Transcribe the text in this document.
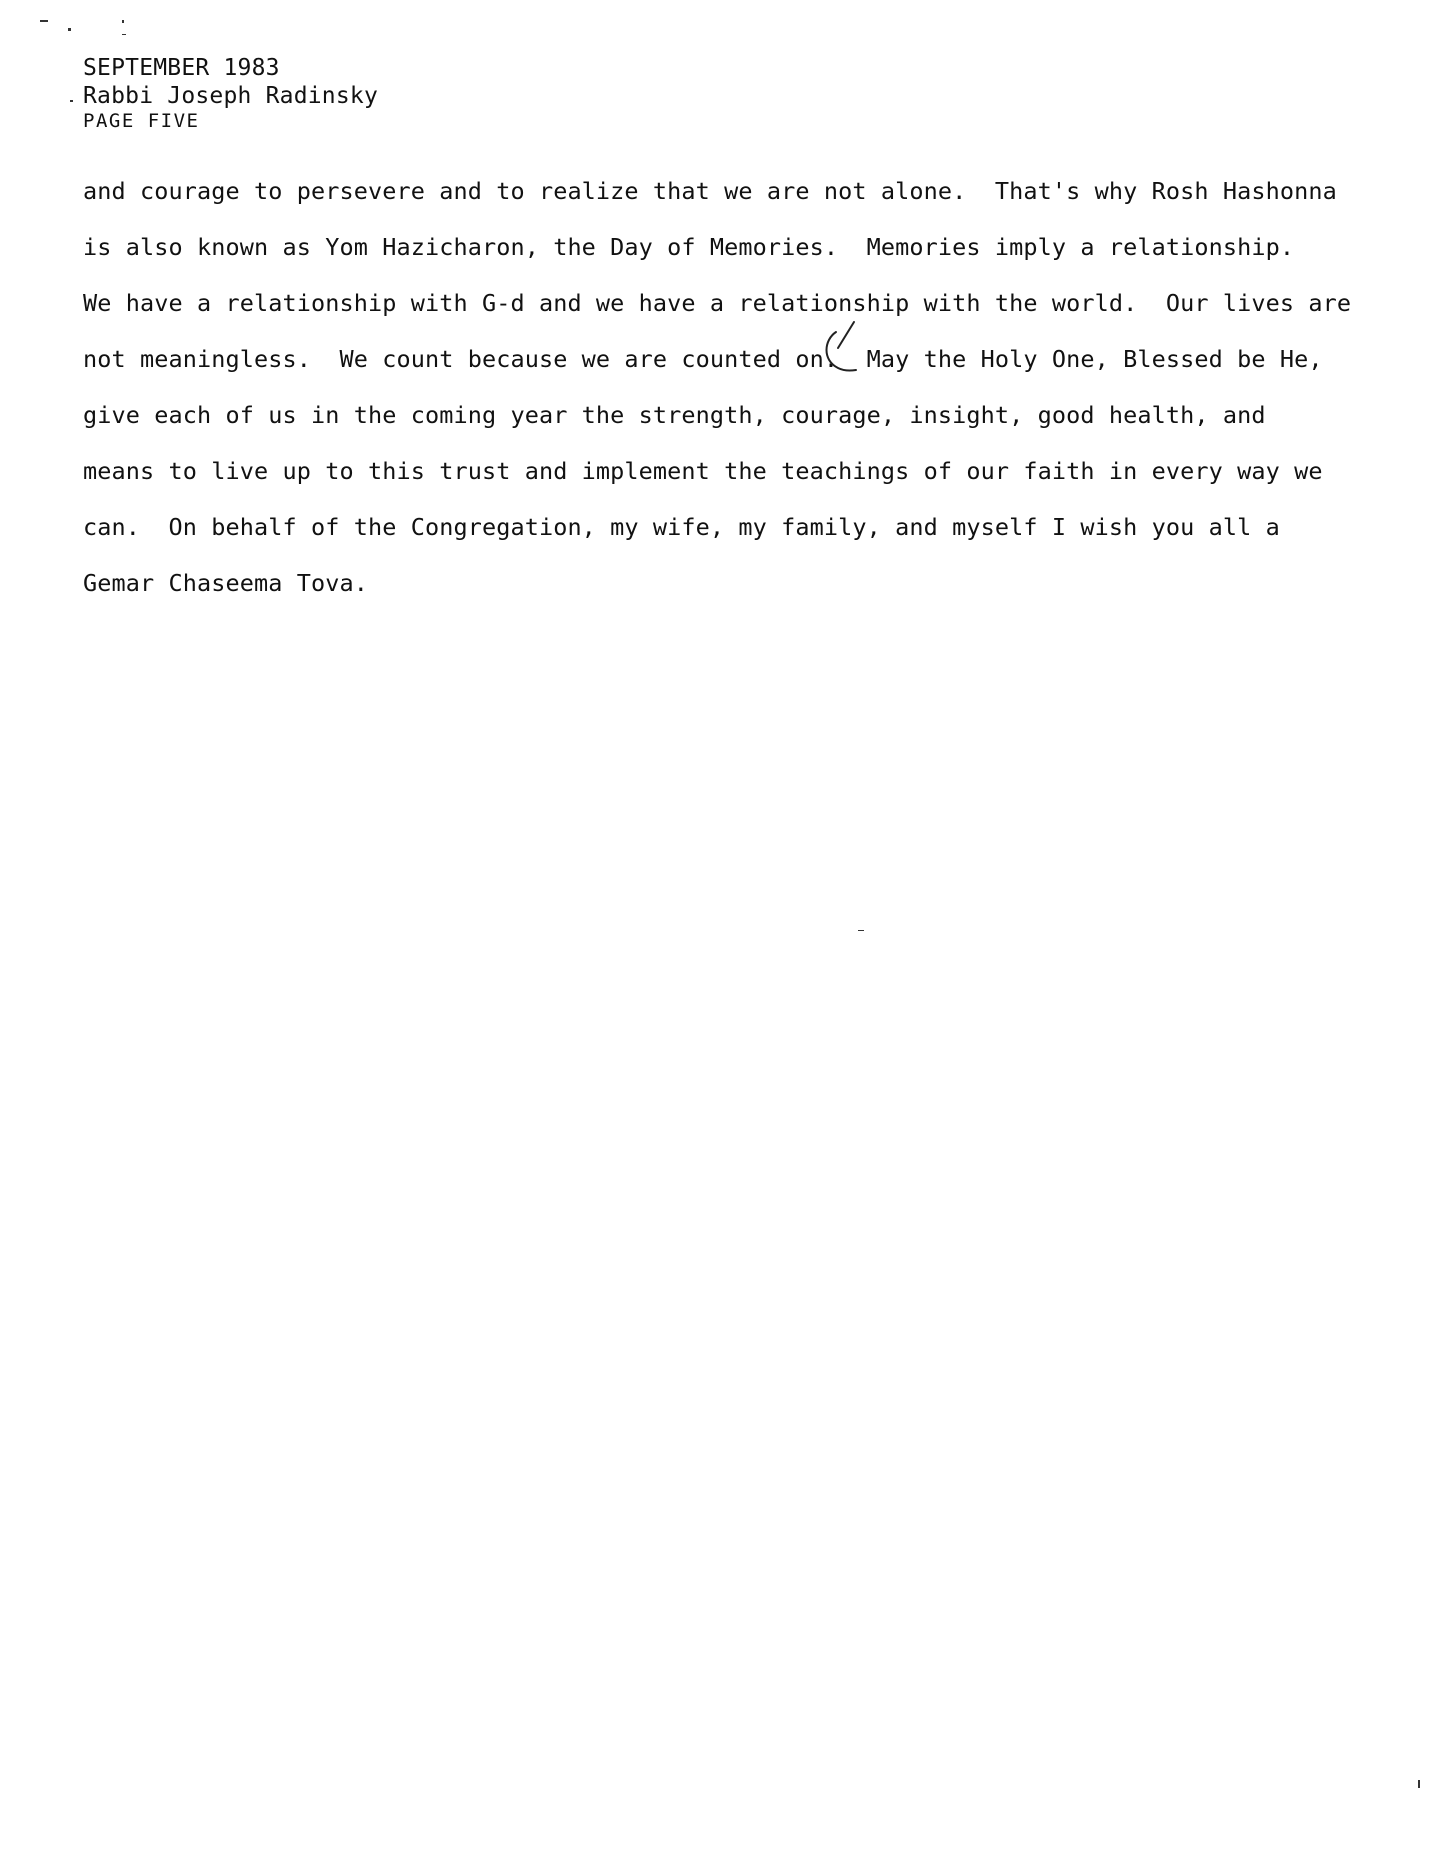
SEPTEMBER 1983
Rabbi Joseph Radinsky
PAGE FIVE
and courage to persevere and to realize that we are not alone.  That's why Rosh Hashonna
is also known as Yom Hazicharon, the Day of Memories.  Memories imply a relationship.
We have a relationship with G-d and we have a relationship with the world.  Our lives are
not meaningless.  We count because we are counted on.  May the Holy One, Blessed be He,
give each of us in the coming year the strength, courage, insight, good health, and
means to live up to this trust and implement the teachings of our faith in every way we
can.  On behalf of the Congregation, my wife, my family, and myself I wish you all a
Gemar Chaseema Tova.
